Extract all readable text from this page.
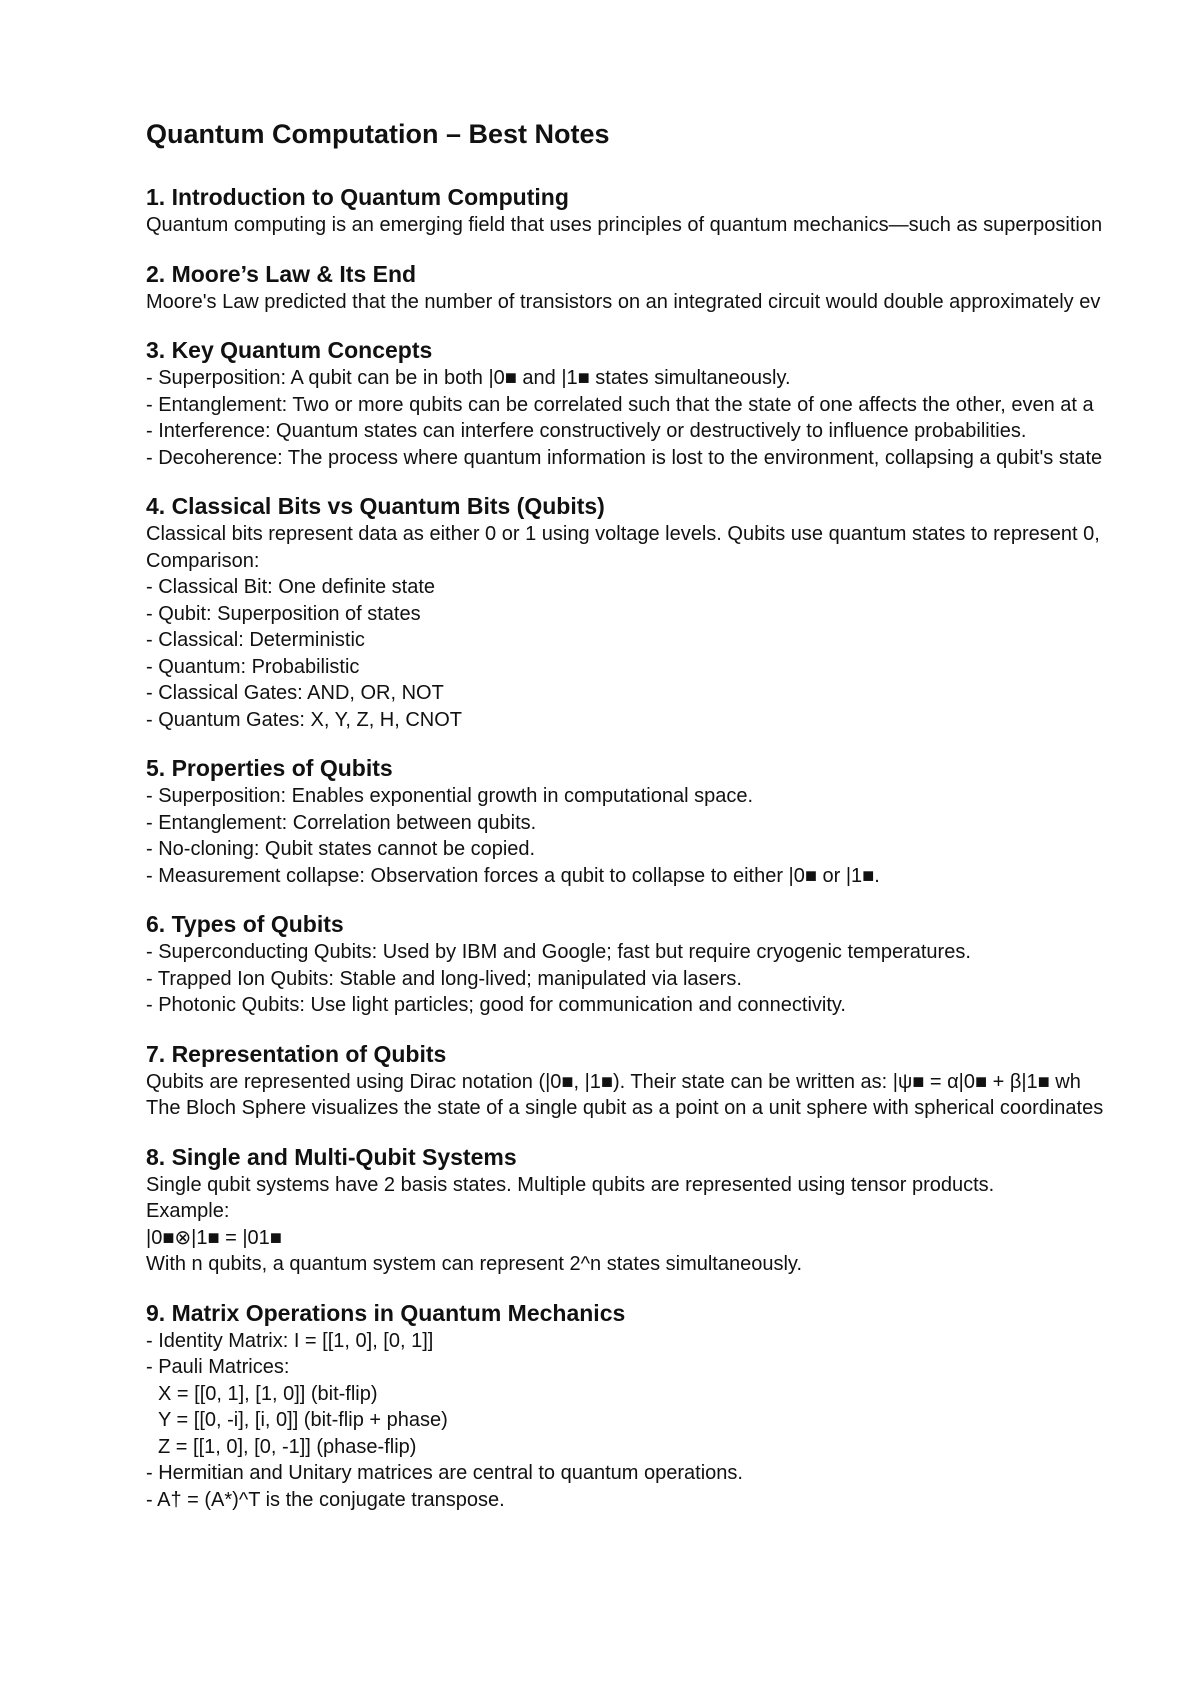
Quantum Computation – Best Notes
1. Introduction to Quantum Computing
Quantum computing is an emerging field that uses principles of quantum mechanics—such as superposition
2. Moore’s Law & Its End
Moore's Law predicted that the number of transistors on an integrated circuit would double approximately ev
3. Key Quantum Concepts
- Superposition: A qubit can be in both |0■ and |1■ states simultaneously.
- Entanglement: Two or more qubits can be correlated such that the state of one affects the other, even at a
- Interference: Quantum states can interfere constructively or destructively to influence probabilities.
- Decoherence: The process where quantum information is lost to the environment, collapsing a qubit's state
4. Classical Bits vs Quantum Bits (Qubits)
Classical bits represent data as either 0 or 1 using voltage levels. Qubits use quantum states to represent 0,
Comparison:
- Classical Bit: One definite state
- Qubit: Superposition of states
- Classical: Deterministic
- Quantum: Probabilistic
- Classical Gates: AND, OR, NOT
- Quantum Gates: X, Y, Z, H, CNOT
5. Properties of Qubits
- Superposition: Enables exponential growth in computational space.
- Entanglement: Correlation between qubits.
- No-cloning: Qubit states cannot be copied.
- Measurement collapse: Observation forces a qubit to collapse to either |0■ or |1■.
6. Types of Qubits
- Superconducting Qubits: Used by IBM and Google; fast but require cryogenic temperatures.
- Trapped Ion Qubits: Stable and long-lived; manipulated via lasers.
- Photonic Qubits: Use light particles; good for communication and connectivity.
7. Representation of Qubits
Qubits are represented using Dirac notation (|0■, |1■). Their state can be written as: |ψ■ = α|0■ + β|1■ wh
The Bloch Sphere visualizes the state of a single qubit as a point on a unit sphere with spherical coordinates
8. Single and Multi-Qubit Systems
Single qubit systems have 2 basis states. Multiple qubits are represented using tensor products.
Example:
|0■⊗|1■ = |01■
With n qubits, a quantum system can represent 2^n states simultaneously.
9. Matrix Operations in Quantum Mechanics
- Identity Matrix: I = [[1, 0], [0, 1]]
- Pauli Matrices:
X = [[0, 1], [1, 0]] (bit-flip)
Y = [[0, -i], [i, 0]] (bit-flip + phase)
Z = [[1, 0], [0, -1]] (phase-flip)
- Hermitian and Unitary matrices are central to quantum operations.
- A† = (A*)^T is the conjugate transpose.
